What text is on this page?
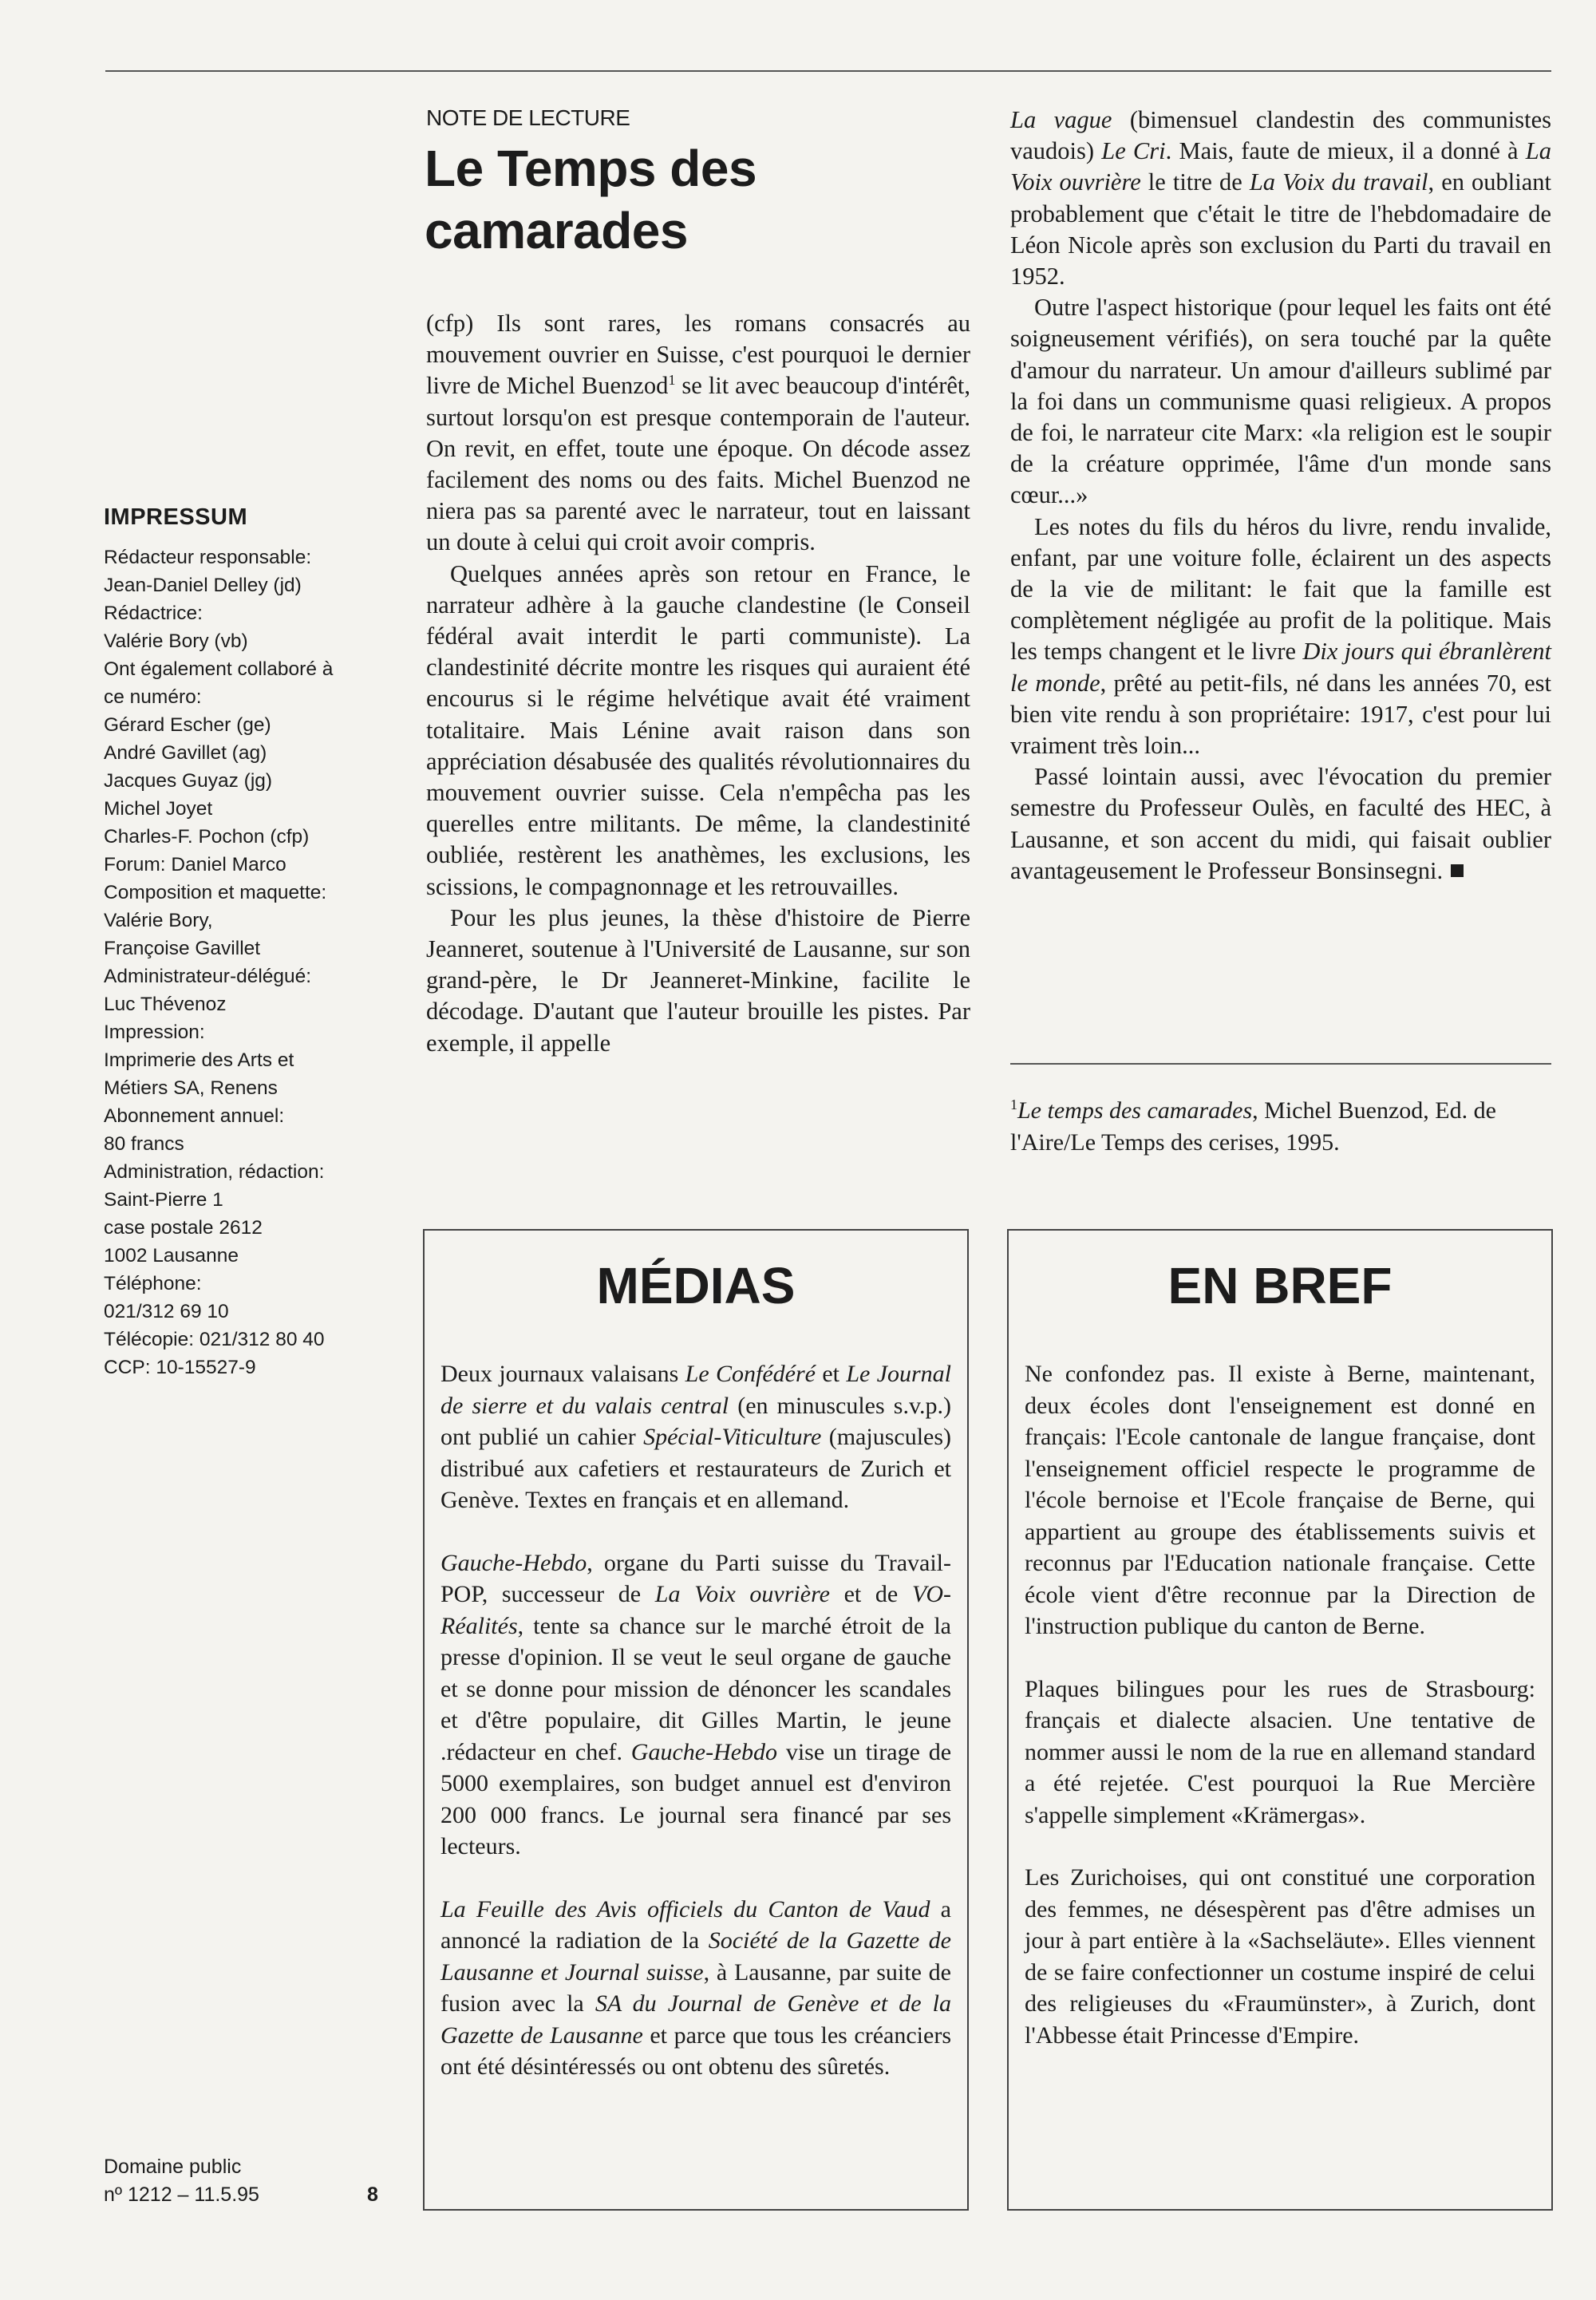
IMPRESSUM
Rédacteur responsable:
Jean-Daniel Delley (jd)
Rédactrice:
Valérie Bory (vb)
Ont également collaboré à
ce numéro:
Gérard Escher (ge)
André Gavillet (ag)
Jacques Guyaz (jg)
Michel Joyet
Charles-F. Pochon (cfp)
Forum: Daniel Marco
Composition et maquette:
Valérie Bory,
Françoise Gavillet
Administrateur-délégué:
Luc Thévenoz
Impression:
Imprimerie des Arts et
Métiers SA, Renens
Abonnement annuel:
80 francs
Administration, rédaction:
Saint-Pierre 1
case postale 2612
1002 Lausanne
Téléphone:
021/312 69 10
Télécopie: 021/312 80 40
CCP: 10-15527-9
Domaine public
nº 1212 – 11.5.95	8
NOTE DE LECTURE
Le Temps des camarades

(cfp) Ils sont rares, les romans consacrés au mouvement ouvrier en Suisse, c'est pourquoi le dernier livre de Michel Buenzod$^1$ se lit avec beaucoup d'intérêt, surtout lorsqu'on est presque contemporain de l'auteur. On revit, en effet, toute une époque. On décode assez facilement des noms ou des faits. Michel Buenzod ne niera pas sa parenté avec le narrateur, tout en laissant un doute à celui qui croit avoir compris.

Quelques années après son retour en France, le narrateur adhère à la gauche clandestine (le Conseil fédéral avait interdit le parti communiste). La clandestinité décrite montre les risques qui auraient été encourus si le régime helvétique avait été vraiment totalitaire. Mais Lénine avait raison dans son appréciation désabusée des qualités révolutionnaires du mouvement ouvrier suisse. Cela n'empêcha pas les querelles entre militants. De même, la clandestinité oubliée, restèrent les anathèmes, les exclusions, les scissions, le compagnonnage et les retrouvailles.

Pour les plus jeunes, la thèse d'histoire de Pierre Jeanneret, soutenue à l'Université de Lausanne, sur son grand-père, le Dr Jeanneret-Minkine, facilite le décodage. D'autant que l'auteur brouille les pistes. Par exemple, il appelle

La vague (bimensuel clandestin des communistes vaudois) Le Cri. Mais, faute de mieux, il a donné à La Voix ouvrière le titre de La Voix du travail, en oubliant probablement que c'était le titre de l'hebdomadaire de Léon Nicole après son exclusion du Parti du travail en 1952.

Outre l'aspect historique (pour lequel les faits ont été soigneusement vérifiés), on sera touché par la quête d'amour du narrateur. Un amour d'ailleurs sublimé par la foi dans un communisme quasi religieux. A propos de foi, le narrateur cite Marx: «la religion est le soupir de la créature opprimée, l'âme d'un monde sans cœur...»

Les notes du fils du héros du livre, rendu invalide, enfant, par une voiture folle, éclairent un des aspects de la vie de militant: le fait que la famille est complètement négligée au profit de la politique. Mais les temps changent et le livre Dix jours qui ébranlèrent le monde, prêté au petit-fils, né dans les années 70, est bien vite rendu à son propriétaire: 1917, c'est pour lui vraiment très loin...

Passé lointain aussi, avec l'évocation du premier semestre du Professeur Oulès, en faculté des HEC, à Lausanne, et son accent du midi, qui faisait oublier avantageusement le Professeur Bonsinsegni.

$^1$Le temps des camarades, Michel Buenzod, Ed. de l'Aire/Le Temps des cerises, 1995.
MÉDIAS

Deux journaux valaisans Le Confédéré et Le Journal de sierre et du valais central (en minuscules s.v.p.) ont publié un cahier Spécial-Viticulture (majuscules) distribué aux cafetiers et restaurateurs de Zurich et Genève. Textes en français et en allemand.

Gauche-Hebdo, organe du Parti suisse du Travail-POP, successeur de La Voix ouvrière et de VO-Réalités, tente sa chance sur le marché étroit de la presse d'opinion. Il se veut le seul organe de gauche et se donne pour mission de dénoncer les scandales et d'être populaire, dit Gilles Martin, le jeune .rédacteur en chef. Gauche-Hebdo vise un tirage de 5000 exemplaires, son budget annuel est d'environ 200 000 francs. Le journal sera financé par ses lecteurs.

La Feuille des Avis officiels du Canton de Vaud a annoncé la radiation de la Société de la Gazette de Lausanne et Journal suisse, à Lausanne, par suite de fusion avec la SA du Journal de Genève et de la Gazette de Lausanne et parce que tous les créanciers ont été désintéressés ou ont obtenu des sûretés.

EN BREF

Ne confondez pas. Il existe à Berne, maintenant, deux écoles dont l'enseignement est donné en français: l'Ecole cantonale de langue française, dont l'enseignement officiel respecte le programme de l'école bernoise et l'Ecole française de Berne, qui appartient au groupe des établissements suivis et reconnus par l'Education nationale française. Cette école vient d'être reconnue par la Direction de l'instruction publique du canton de Berne.

Plaques bilingues pour les rues de Strasbourg: français et dialecte alsacien. Une tentative de nommer aussi le nom de la rue en allemand standard a été rejetée. C'est pourquoi la Rue Mercière s'appelle simplement «Krämergas».

Les Zurichoises, qui ont constitué une corporation des femmes, ne désespèrent pas d'être admises un jour à part entière à la «Sachseläute». Elles viennent de se faire confectionner un costume inspiré de celui des religieuses du «Fraumünster», à Zurich, dont l'Abbesse était Princesse d'Empire.
